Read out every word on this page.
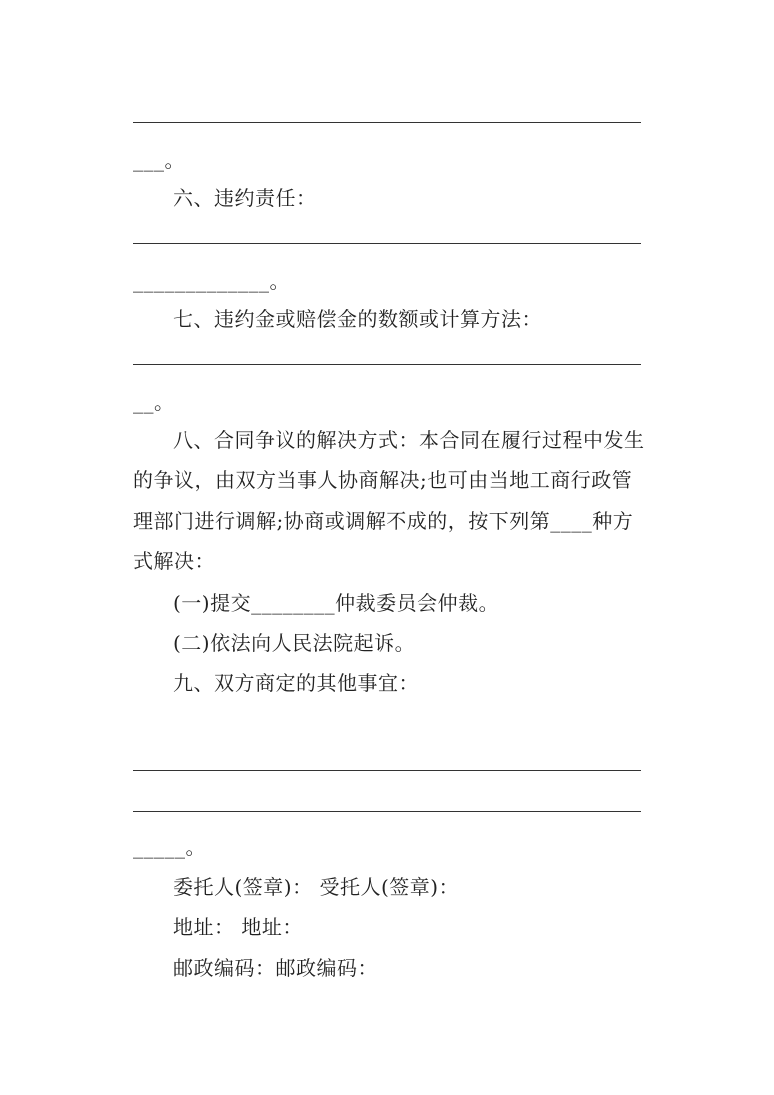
___。
六、违约责任：
_____________。
七、违约金或赔偿金的数额或计算方法：
__。
八、合同争议的解决方式：本合同在履行过程中发生
的争议，由双方当事人协商解决;也可由当地工商行政管
理部门进行调解;协商或调解不成的，按下列第____种方
式解决：
(一)提交________仲裁委员会仲裁。
(二)依法向人民法院起诉。
九、双方商定的其他事宜：
_____。
委托人(签章)： 受托人(签章)：
地址： 地址：
邮政编码：邮政编码：
